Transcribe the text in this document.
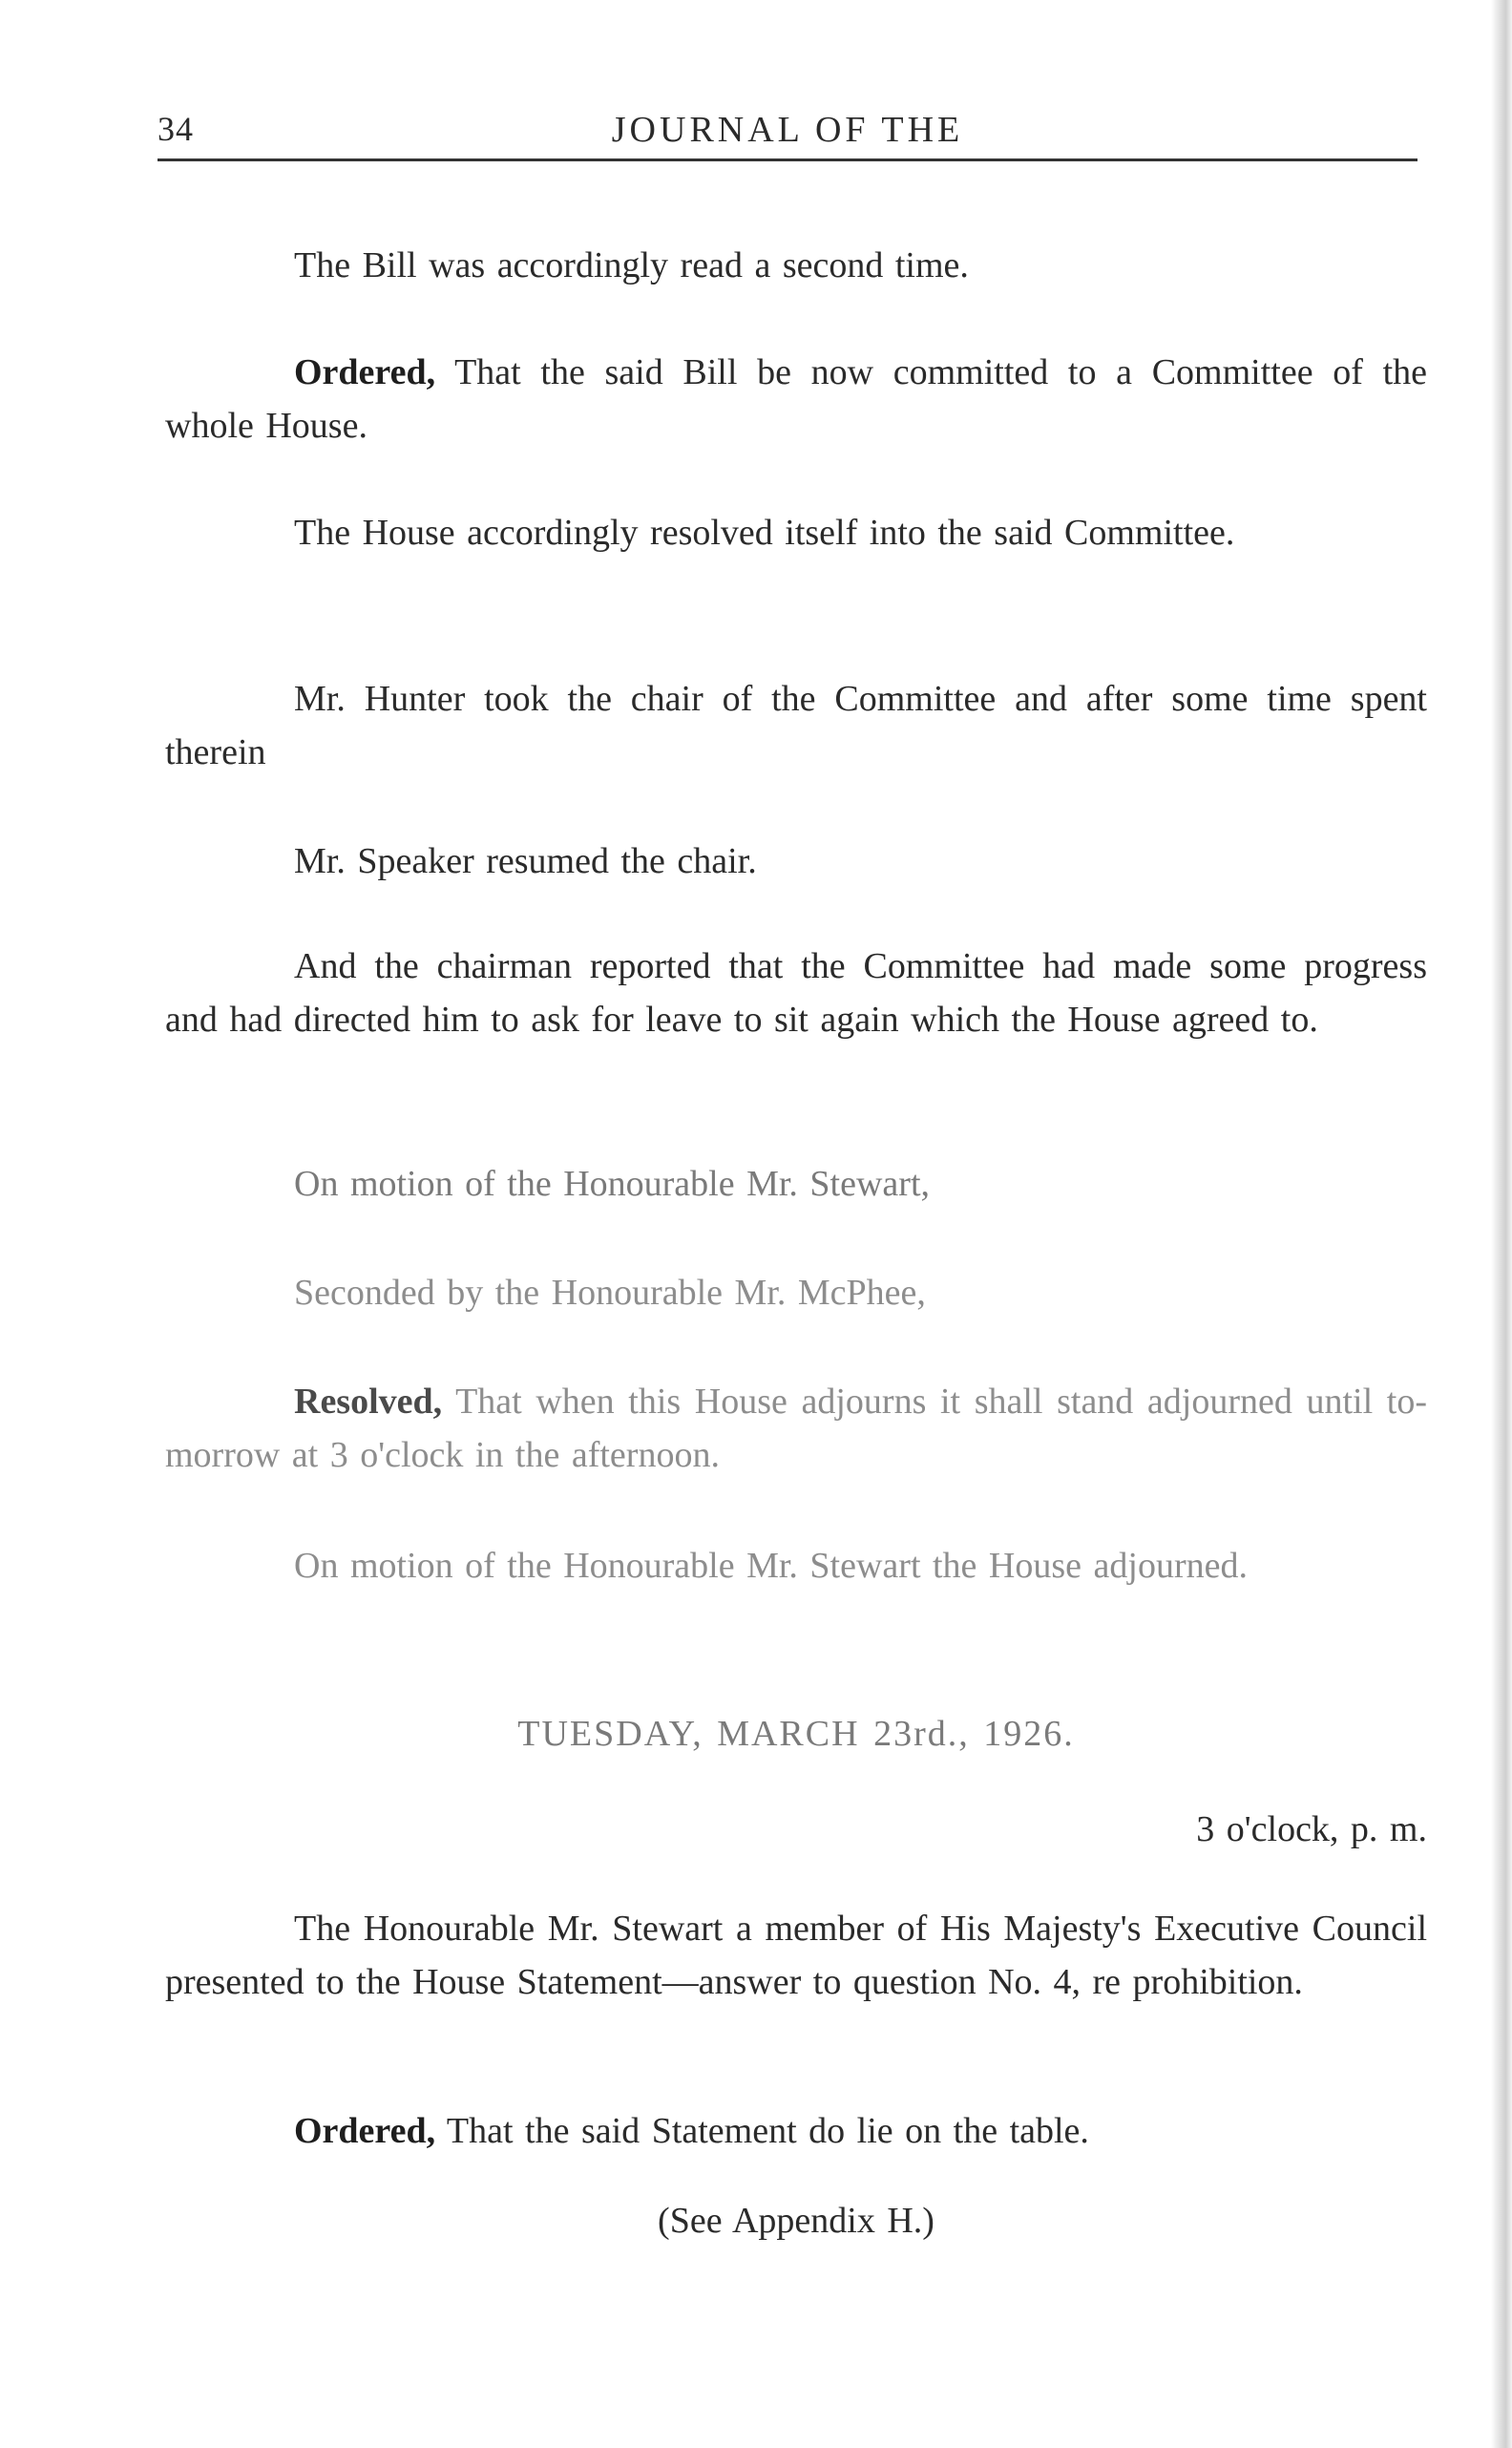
34	JOURNAL OF THE

The Bill was accordingly read a second time.

Ordered, That the said Bill be now committed to a Committee of the whole House.

The House accordingly resolved itself into the said Committee.

Mr. Hunter took the chair of the Committee and after some time spent therein

Mr. Speaker resumed the chair.

And the chairman reported that the Committee had made some progress and had directed him to ask for leave to sit again which the House agreed to.

On motion of the Honourable Mr. Stewart,

Seconded by the Honourable Mr. McPhee,

Resolved, That when this House adjourns it shall stand adjourned until to-morrow at 3 o'clock in the afternoon.

On motion of the Honourable Mr. Stewart the House adjourned.

TUESDAY, MARCH 23rd., 1926.

3 o'clock, p. m.

The Honourable Mr. Stewart a member of His Majesty's Executive Council presented to the House Statement—answer to question No. 4, re prohibition.

Ordered, That the said Statement do lie on the table.

(See Appendix H.)
